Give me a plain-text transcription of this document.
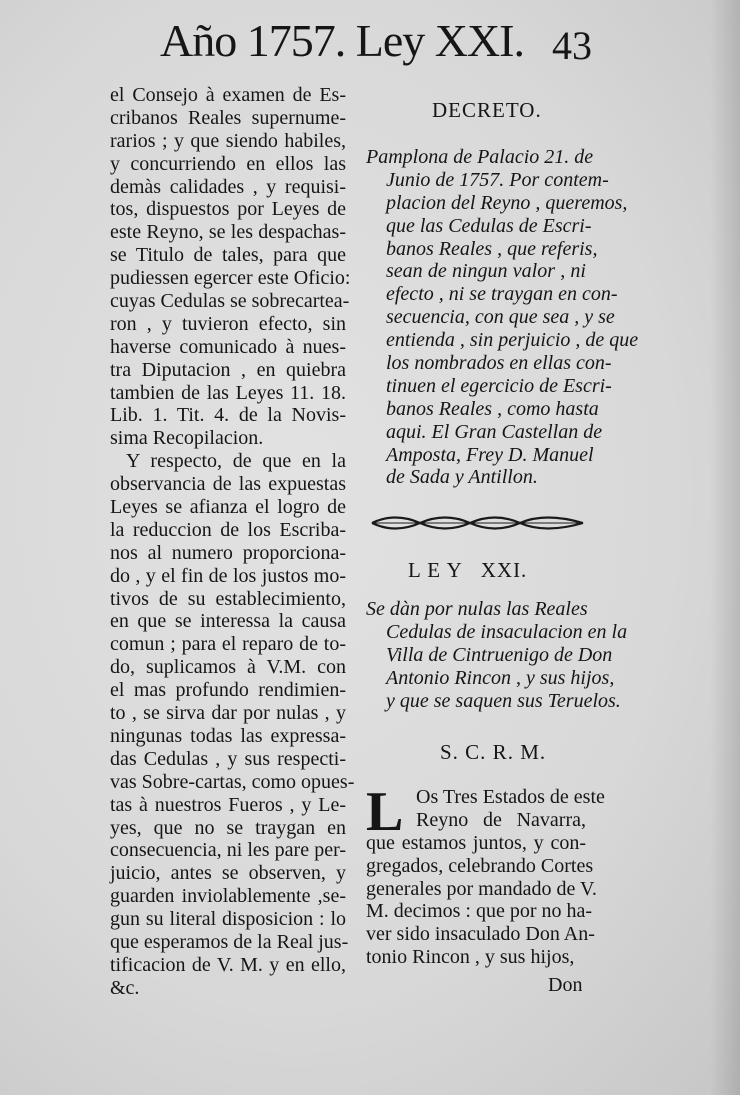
Año 1757. Ley XXI. 43
el Consejo à examen de Es-
cribanos Reales supernume-
rarios ; y que siendo habiles,
y concurriendo en ellos las
demàs calidades , y requisi-
tos, dispuestos por Leyes de
este Reyno, se les despachas-
se Titulo de tales, para que
pudiessen egercer este Oficio:
cuyas Cedulas se sobrecartea-
ron , y tuvieron efecto, sin
haverse comunicado à nues-
tra Diputacion , en quiebra
tambien de las Leyes 11. 18.
Lib. 1. Tit. 4. de la Novis-
sima Recopilacion.
Y respecto, de que en la
observancia de las expuestas
Leyes se afianza el logro de
la reduccion de los Escriba-
nos al numero proporciona-
do , y el fin de los justos mo-
tivos de su establecimiento,
en que se interessa la causa
comun ; para el reparo de to-
do, suplicamos à V.M. con
el mas profundo rendimien-
to , se sirva dar por nulas , y
ningunas todas las expressa-
das Cedulas , y sus respecti-
vas Sobre-cartas, como opues-
tas à nuestros Fueros , y Le-
yes, que no se traygan en
consecuencia, ni les pare per-
juicio, antes se observen, y
guarden inviolablemente ,se-
gun su literal disposicion : lo
que esperamos de la Real jus-
tificacion de V. M. y en ello,
&c.
DECRETO.
Pamplona de Palacio 21. de
Junio de 1757. Por contem-
placion del Reyno , queremos,
que las Cedulas de Escri-
banos Reales , que referis,
sean de ningun valor , ni
efecto , ni se traygan en con-
secuencia, con que sea , y se
entienda , sin perjuicio , de que
los nombrados en ellas con-
tinuen el egercicio de Escri-
banos Reales , como hasta
aqui. El Gran Castellan de
Amposta, Frey D. Manuel
de Sada y Antillon.
L E Y   XXI.
Se dàn por nulas las Reales
Cedulas de insaculacion en la
Villa de Cintruenigo de Don
Antonio Rincon , y sus hijos,
y que se saquen sus Teruelos.
S. C. R. M.
L Os Tres Estados de este
Reyno de Navarra,
que estamos juntos, y con-
gregados, celebrando Cortes
generales por mandado de V.
M. decimos : que por no ha-
ver sido insaculado Don An-
tonio Rincon , y sus hijos,
Don
